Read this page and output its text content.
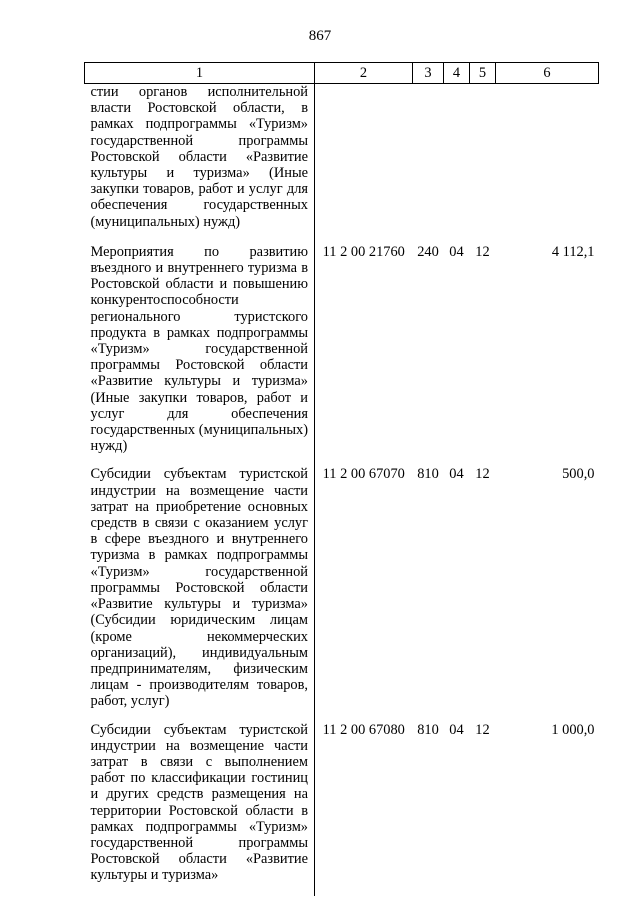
867
1	2	3	4	5	6
стии органов исполнительной власти Ростовской области, в рамках подпрограммы «Туризм» государственной программы Ростовской области «Развитие культуры и туризма» (Иные закупки товаров, работ и услуг для обеспечения государственных (муниципальных) нужд)					
Мероприятия по развитию въездного и внутреннего туризма в Ростовской области и повышению конкурентоспособности регионального туристского продукта в рамках подпрограммы «Туризм» государственной программы Ростовской области «Развитие культуры и туризма» (Иные закупки товаров, работ и услуг для обеспечения государственных (муниципальных) нужд)	11 2 00 21760	240	04	12	4 112,1
Субсидии субъектам туристской индустрии на возмещение части затрат на приобретение основных средств в связи с оказанием услуг в сфере въездного и внутреннего туризма в рамках подпрограммы «Туризм» государственной программы Ростовской области «Развитие культуры и туризма» (Субсидии юридическим лицам (кроме некоммерческих организаций), индивидуальным предпринимателям, физическим лицам - производителям товаров, работ, услуг)	11 2 00 67070	810	04	12	500,0
Субсидии субъектам туристской индустрии на возмещение части затрат в связи с выполнением работ по классификации гостиниц и других средств размещения на территории Ростовской области в рамках подпрограммы «Туризм» государственной программы Ростовской области «Развитие культуры и туризма»	11 2 00 67080	810	04	12	1 000,0
